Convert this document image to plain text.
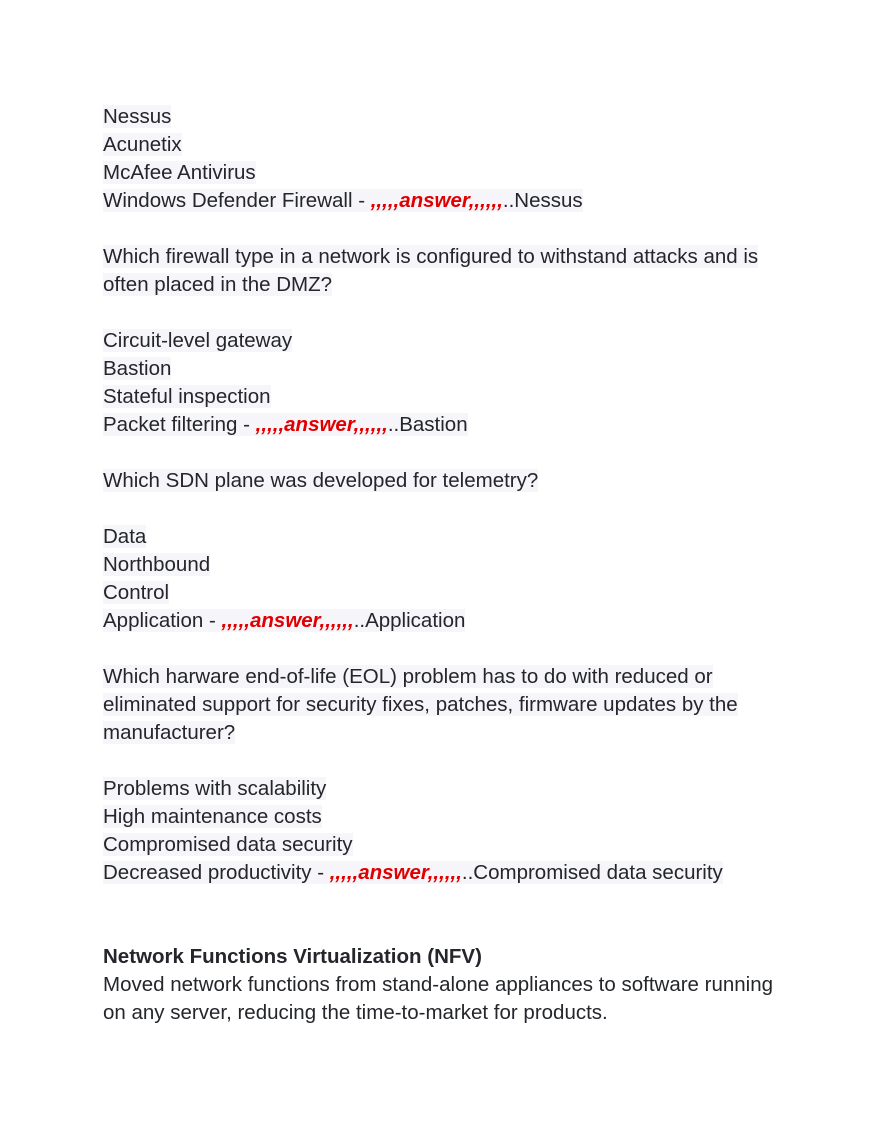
Nessus
Acunetix
McAfee Antivirus
Windows Defender Firewall - ,,,,,answer,,,,,,..Nessus
Which firewall type in a network is configured to withstand attacks and is often placed in the DMZ?
Circuit-level gateway
Bastion
Stateful inspection
Packet filtering - ,,,,,answer,,,,,,..Bastion
Which SDN plane was developed for telemetry?
Data
Northbound
Control
Application - ,,,,,answer,,,,,,..Application
Which harware end-of-life (EOL) problem has to do with reduced or eliminated support for security fixes, patches, firmware updates by the manufacturer?
Problems with scalability
High maintenance costs
Compromised data security
Decreased productivity - ,,,,,answer,,,,,,..Compromised data security
Network Functions Virtualization (NFV)
Moved network functions from stand-alone appliances to software running on any server, reducing the time-to-market for products.
